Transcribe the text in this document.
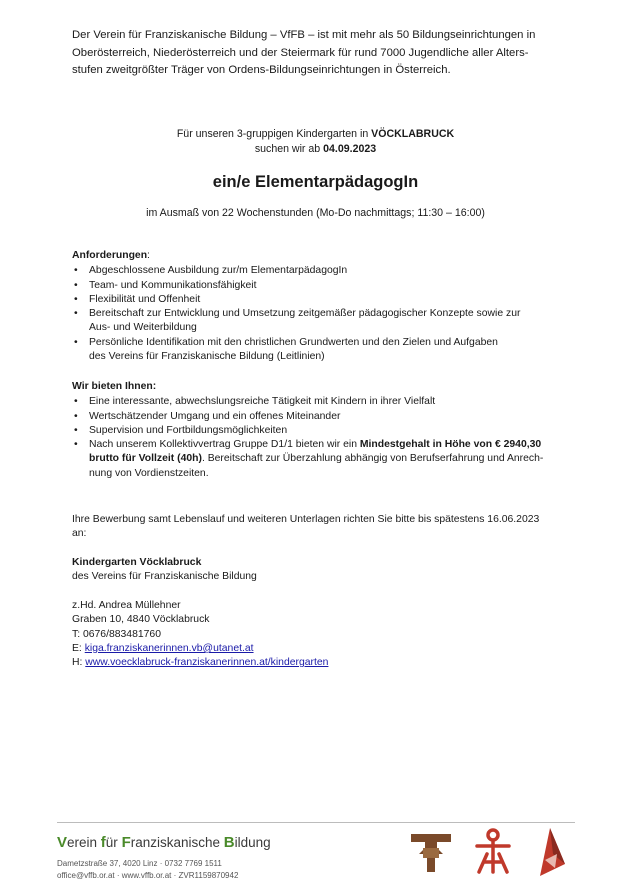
Der Verein für Franziskanische Bildung – VfFB – ist mit mehr als 50 Bildungseinrichtungen in
Oberösterreich, Niederösterreich und der Steiermark für rund 7000 Jugendliche aller Alters-
stufen zweitgrößter Träger von Ordens-Bildungseinrichtungen in Österreich.

Für unseren 3-gruppigen Kindergarten in VÖCKLABRUCK
suchen wir ab 04.09.2023

ein/e ElementarpädagogIn

im Ausmaß von 22 Wochenstunden (Mo-Do nachmittags; 11:30 – 16:00)

Anforderungen:
• Abgeschlossene Ausbildung zur/m ElementarpädagogIn
• Team- und Kommunikationsfähigkeit
• Flexibilität und Offenheit
• Bereitschaft zur Entwicklung und Umsetzung zeitgemäßer pädagogischer Konzepte sowie zur
Aus- und Weiterbildung
• Persönliche Identifikation mit den christlichen Grundwerten und den Zielen und Aufgaben
des Vereins für Franziskanische Bildung (Leitlinien)
Wir bieten Ihnen:
• Eine interessante, abwechslungsreiche Tätigkeit mit Kindern in ihrer Vielfalt
• Wertschätzender Umgang und ein offenes Miteinander
• Supervision und Fortbildungsmöglichkeiten
• Nach unserem Kollektivvertrag Gruppe D1/1 bieten wir ein Mindestgehalt in Höhe von € 2940,30
brutto für Vollzeit (40h). Bereitschaft zur Überzahlung abhängig von Berufserfahrung und Anrech-
nung von Vordienstzeiten.

Ihre Bewerbung samt Lebenslauf und weiteren Unterlagen richten Sie bitte bis spätestens 16.06.2023
an:

Kindergarten Vöcklabruck
des Vereins für Franziskanische Bildung

z.Hd. Andrea Müllehner
Graben 10, 4840 Vöcklabruck
T: 0676/883481760
E: kiga.franziskanerinnen.vb@utanet.at
H: www.voecklabruck-franziskanerinnen.at/kindergarten

Verein für Franziskanische Bildung

Dametzstraße 37, 4020 Linz · 0732 7769 1511

office@vffb.or.at · www.vffb.or.at · ZVR1159870942
